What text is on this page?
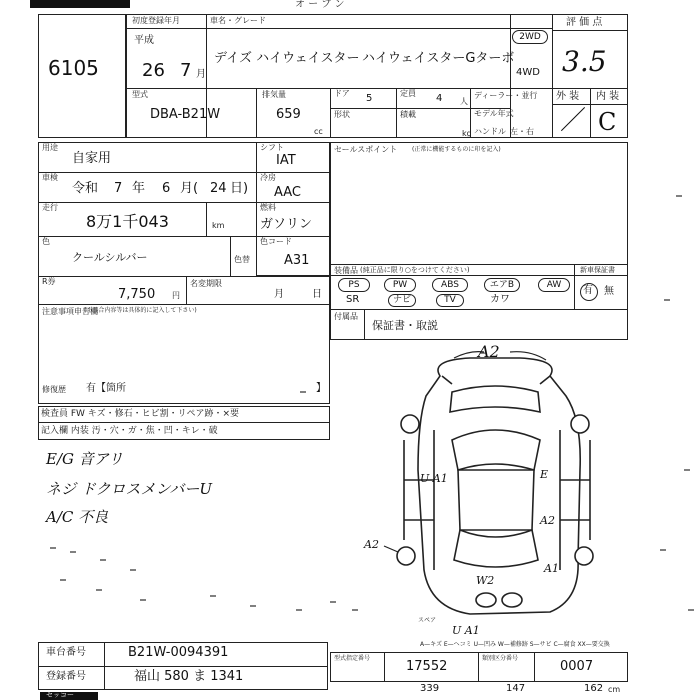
オ ー プ ン
6105
初度登録年月
平成
26 7 月
車名・グレード
デイズ ハイウェイスター ハイウェイスターGターボ
2WD
4WD
評 価 点
3.5
型式
DBA-B21W
排気量
659
cc
ドア 5	定員 4 人
形状	積載
kg
ディーラー・並行
モデル年式
ハンドル 左・右
外 装 内 装
／ C
用途
自家用
車検
令和 7 年 6 月( 24 日)
走行
8万1千043	km
色
クールシルバー	色替
R券
7,750 円
名変期限
月	日
注意事項申告欄
(不具合内容等は具体的に記入して下さい)
修復歴 有【箇所	】
シフト
IAT
冷房
AAC
燃料
ガソリン
色コード
A31
セールスポイント (正常に機能するものに印を記入)
装備品 (純正品に限り○をつけてください)	新車保証書
有 無
PS	PW	ABS	エアB	AW
SR	ナビ	TV	カワ
付属品
保証書・取説
検査員 FW キズ・修石・ヒビ割・リペア跡・×要
記入欄 内装 汚・穴・ガ・焦・凹・キレ・破
E/G 音アリ
ネジ ドクロスメンバーU
A/C 不良
A2
U A1	E
A2
A2
A1
W2
U A1
スペア
A—キズ E—ヘコミ U—凹み W—補修跡 S—サビ C—腐食 XX—要交換
車台番号	B21W-0094391
登録番号	福山 580 ま 1341
型式指定番号
17552
類別区分番号
0007
339	147	162 cm
セッコー
